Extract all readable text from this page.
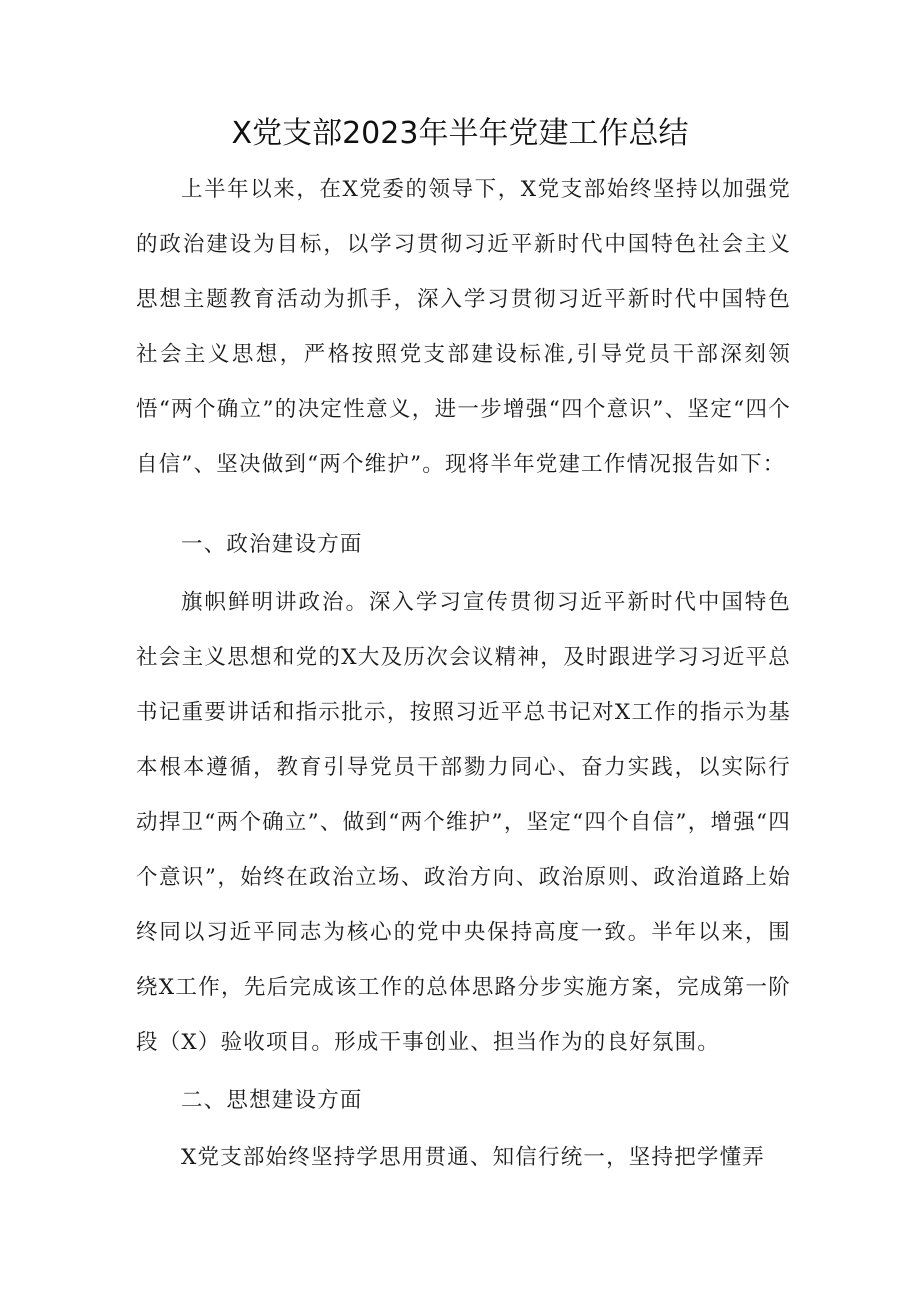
X党支部2023年半年党建工作总结

上半年以来，在X党委的领导下，X党支部始终坚持以加强党的政治建设为目标，以学习贯彻习近平新时代中国特色社会主义思想主题教育活动为抓手，深入学习贯彻习近平新时代中国特色社会主义思想，严格按照党支部建设标准,引导党员干部深刻领悟“两个确立”的决定性意义，进一步增强“四个意识”、坚定“四个自信”、坚决做到“两个维护”。现将半年党建工作情况报告如下：

一、政治建设方面

旗帜鲜明讲政治。深入学习宣传贯彻习近平新时代中国特色社会主义思想和党的X大及历次会议精神，及时跟进学习习近平总书记重要讲话和指示批示，按照习近平总书记对X工作的指示为基本根本遵循，教育引导党员干部勠力同心、奋力实践，以实际行动捍卫“两个确立”、做到“两个维护”，坚定“四个自信”，增强“四个意识”，始终在政治立场、政治方向、政治原则、政治道路上始终同以习近平同志为核心的党中央保持高度一致。半年以来，围绕X工作，先后完成该工作的总体思路分步实施方案，完成第一阶段（X）验收项目。形成干事创业、担当作为的良好氛围。

二、思想建设方面

X党支部始终坚持学思用贯通、知信行统一，坚持把学懂弄
